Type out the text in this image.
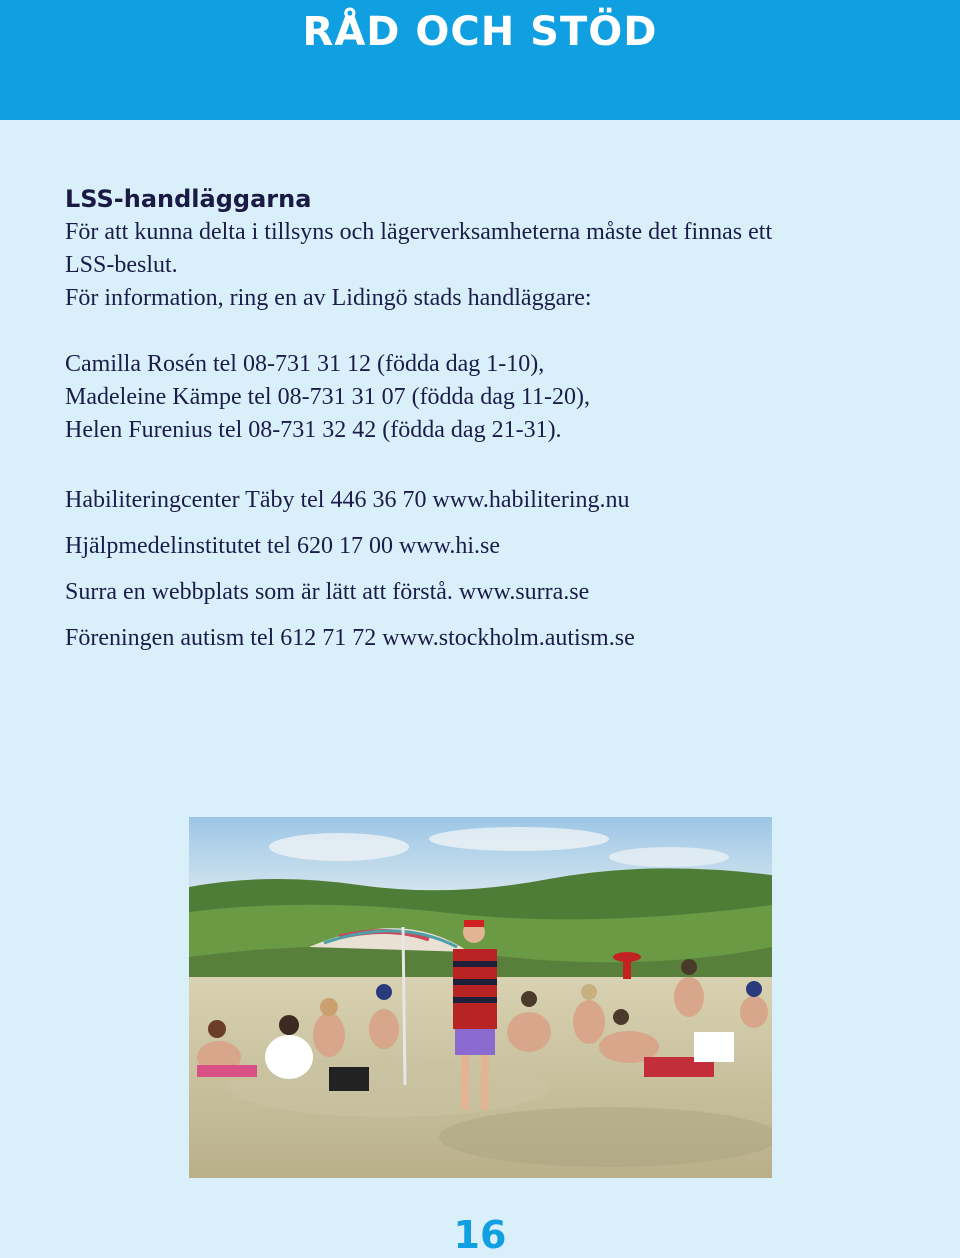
RÅD OCH STÖD
LSS-handläggarna

För att kunna delta i tillsyns och lägerverksamheterna måste det finnas ett

LSS-beslut.

För information, ring en av Lidingö stads handläggare:

Camilla Rosén tel 08-731 31 12 (födda dag 1-10),
Madeleine Kämpe tel 08-731 31 07 (födda dag 11-20),
Helen Furenius tel 08-731 32 42 (födda dag 21-31).
Habiliteringcenter Täby tel 446 36 70 www.habilitering.nu
Hjälpmedelinstitutet tel 620 17 00 www.hi.se
Surra en webbplats som är lätt att förstå. www.surra.se
Föreningen autism tel 612 71 72 www.stockholm.autism.se
16
